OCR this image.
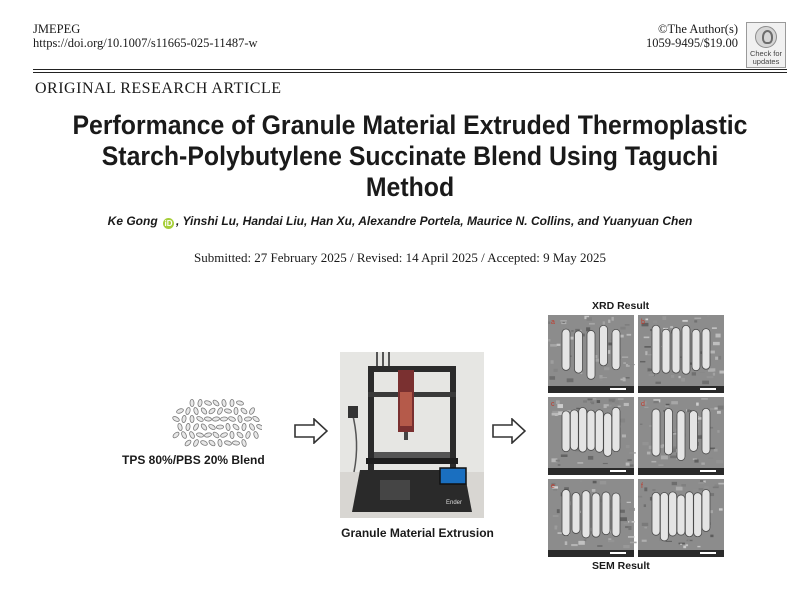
JMEPEG
https://doi.org/10.1007/s11665-025-11487-w
©The Author(s)
1059-9495/$19.00
Check for
updates
ORIGINAL RESEARCH ARTICLE
Performance of Granule Material Extruded Thermoplastic
Starch-Polybutylene Succinate Blend Using Taguchi
Method
Ke Gong iD , Yinshi Lu, Handai Liu, Han Xu, Alexandre Portela, Maurice N. Collins, and Yuanyuan Chen
Submitted: 27 February 2025 / Revised: 14 April 2025 / Accepted: 9 May 2025
TPS 80%/PBS 20% Blend
Ender
Granule Material Extrusion
XRD Result
a	b
c	d
e	f
SEM Result
